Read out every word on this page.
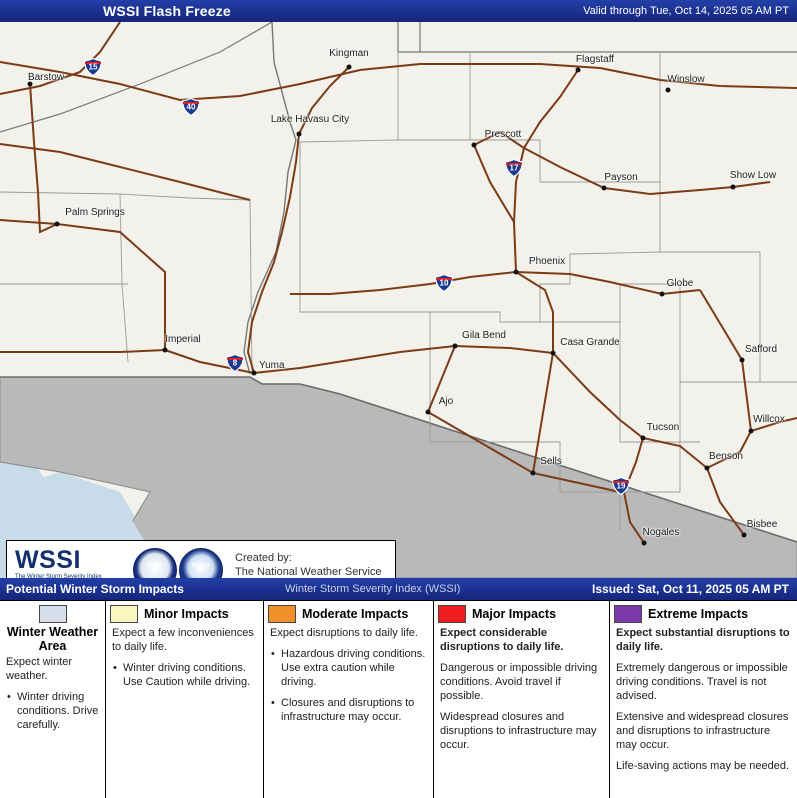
WSSI Flash Freeze	Valid through Tue, Oct 14, 2025 05 AM PT
Barstow
Kingman
Flagstaff
Winslow
Lake Havasu City
Prescott
Payson	Show Low
Palm Springs
Phoenix
Globe
Imperial	Gila Bend
Casa Grande
Safford
Yuma
Ajo
Tucson
Willcox
Benson
Sells
Bisbee
Nogales
15
40
17
10
8
19
WSSI
The Winter Storm Severity Index
NWS	NOAA
Created by:
The National Weather Service
Potential Winter Storm Impacts	Winter Storm Severity Index (WSSI)	Issued: Sat, Oct 11, 2025 05 AM PT
Winter Weather Area

Expect winter weather.

• Winter driving conditions. Drive carefully.
Minor Impacts

Expect a few inconveniences to daily life.

• Winter driving conditions. Use Caution while driving.
Moderate Impacts

Expect disruptions to daily life.

• Hazardous driving conditions. Use extra caution while driving.
• Closures and disruptions to infrastructure may occur.
Major Impacts

Expect considerable disruptions to daily life.

Dangerous or impossible driving conditions. Avoid travel if possible.

Widespread closures and disruptions to infrastructure may occur.

Extreme Impacts

Expect substantial disruptions to daily life.

Extremely dangerous or impossible driving conditions. Travel is not advised.

Extensive and widespread closures and disruptions to infrastructure may occur.

Life-saving actions may be needed.
